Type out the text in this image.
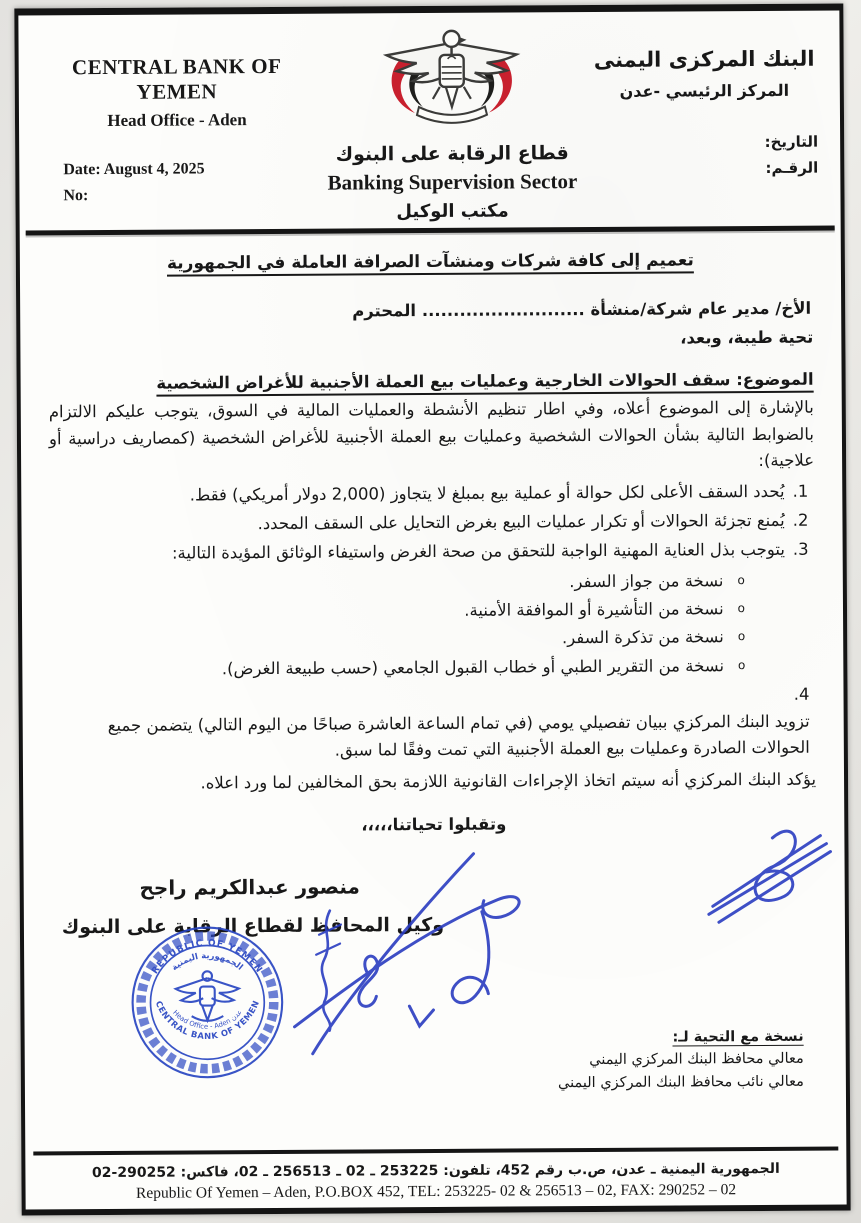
CENTRAL BANK OF YEMEN
Head Office - Aden
Date: August 4, 2025
No:
قطاع الرقابة على البنوك
Banking Supervision Sector
مكتب الوكيل
البنك المركزى اليمنى
المركز الرئيسي -عدن
التاريخ:
الرقـم:
تعميم إلى كافة شركات ومنشآت الصرافة العاملة في الجمهورية
الأخ/ مدير عام شركة/منشأة .......................... المحترم
تحية طيبة، وبعد،
الموضوع: سقف الحوالات الخارجية وعمليات بيع العملة الأجنبية للأغراض الشخصية

بالإشارة إلى الموضوع أعلاه، وفي اطار تنظيم الأنشطة والعمليات المالية في السوق، يتوجب عليكم الالتزام بالضوابط التالية بشأن الحوالات الشخصية وعمليات بيع العملة الأجنبية للأغراض الشخصية (كمصاريف دراسية أو علاجية):

يُحدد السقف الأعلى لكل حوالة أو عملية بيع بمبلغ لا يتجاوز (2,000 دولار أمريكي) فقط.
يُمنع تجزئة الحوالات أو تكرار عمليات البيع بغرض التحايل على السقف المحدد.
يتوجب بذل العناية المهنية الواجبة للتحقق من صحة الغرض واستيفاء الوثائق المؤيدة التالية:
o نسخة من جواز السفر.
o نسخة من التأشيرة أو الموافقة الأمنية.
o نسخة من تذكرة السفر.
o نسخة من التقرير الطبي أو خطاب القبول الجامعي (حسب طبيعة الغرض).
تزويد البنك المركزي ببيان تفصيلي يومي (في تمام الساعة العاشرة صباحًا من اليوم التالي) يتضمن جميع الحوالات الصادرة وعمليات بيع العملة الأجنبية التي تمت وفقًا لما سبق.
يؤكد البنك المركزي أنه سيتم اتخاذ الإجراءات القانونية اللازمة بحق المخالفين لما ورد اعلاه.
وتقبلوا تحياتنا،،،،،
منصور عبدالكريم راجح
وكيل المحافظ لقطاع الرقابة على البنوك
REPUBLIC OF YEMEN
الجمهورية اليمنية
CENTRAL BANK OF YEMEN
Head Office - Aden عدن
نسخة مع التحية لـ:
معالي محافظ البنك المركزي اليمني
معالي نائب محافظ البنك المركزي اليمني
الجمهورية اليمنية ـ عدن، ص.ب رقم 452، تلفون: 253225 ـ 02 ـ 256513 ـ 02، فاكس: 290252-02
Republic Of Yemen – Aden, P.O.BOX 452, TEL: 253225- 02 & 256513 – 02, FAX: 290252 – 02
